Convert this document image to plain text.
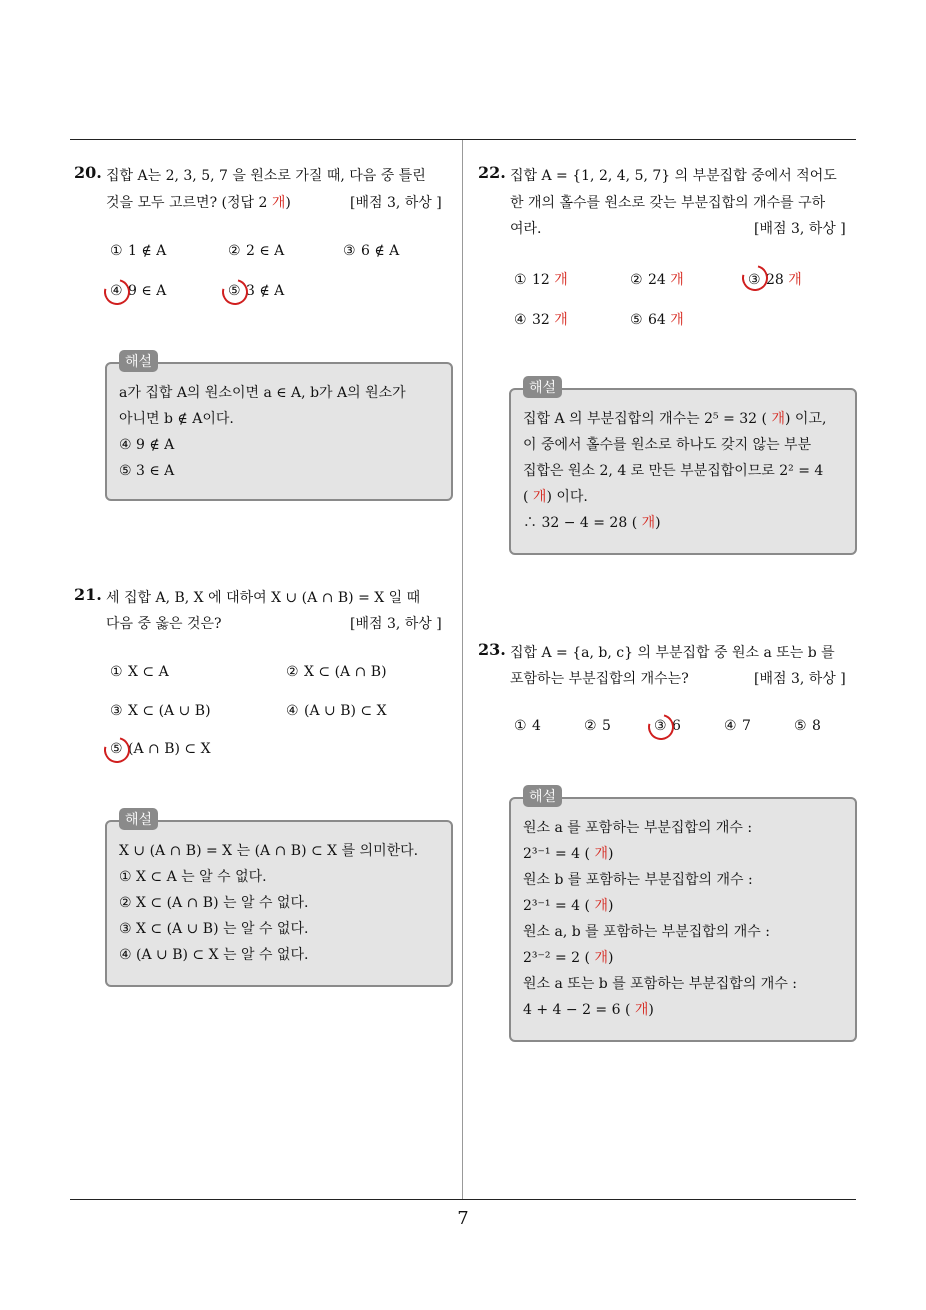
20. 집합 A는 2, 3, 5, 7 을 원소로 가질 때, 다음 중 틀린
것을 모두 고르면? (정답 2 개)	[배점 3, 하상 ]
① 1 ∉ A	② 2 ∈ A	③ 6 ∉ A
④ 9 ∈ A	⑤ 3 ∉ A
a가 집합 A의 원소이면 a ∈ A, b가 A의 원소가
아니면 b ∉ A이다.
④ 9 ∉ A
⑤ 3 ∈ A
해설
21. 세 집합 A, B, X 에 대하여 X ∪ (A ∩ B) = X 일 때
다음 중 옳은 것은?	[배점 3, 하상 ]
① X ⊂ A	② X ⊂ (A ∩ B)
③ X ⊂ (A ∪ B)	④ (A ∪ B) ⊂ X
⑤ (A ∩ B) ⊂ X
X ∪ (A ∩ B) = X 는 (A ∩ B) ⊂ X 를 의미한다.
① X ⊂ A 는 알 수 없다.
② X ⊂ (A ∩ B) 는 알 수 없다.
③ X ⊂ (A ∪ B) 는 알 수 없다.
④ (A ∪ B) ⊂ X 는 알 수 없다.
해설
22. 집합 A = {1, 2, 4, 5, 7} 의 부분집합 중에서 적어도
한 개의 홀수를 원소로 갖는 부분집합의 개수를 구하
여라.	[배점 3, 하상 ]
① 12 개	② 24 개	③ 28 개
④ 32 개	⑤ 64 개
집합 A 의 부분집합의 개수는 2⁵ = 32 ( 개) 이고,
이 중에서 홀수를 원소로 하나도 갖지 않는 부분
집합은 원소 2, 4 로 만든 부분집합이므로 2² = 4
( 개) 이다.
∴ 32 − 4 = 28 ( 개)
해설
23. 집합 A = {a, b, c} 의 부분집합 중 원소 a 또는 b 를
포함하는 부분집합의 개수는?	[배점 3, 하상 ]
① 4	② 5	③ 6	④ 7	⑤ 8
원소 a 를 포함하는 부분집합의 개수 :
2³⁻¹ = 4 ( 개)
원소 b 를 포함하는 부분집합의 개수 :
2³⁻¹ = 4 ( 개)
원소 a, b 를 포함하는 부분집합의 개수 :
2³⁻² = 2 ( 개)
원소 a 또는 b 를 포함하는 부분집합의 개수 :
4 + 4 − 2 = 6 ( 개)
해설
7
